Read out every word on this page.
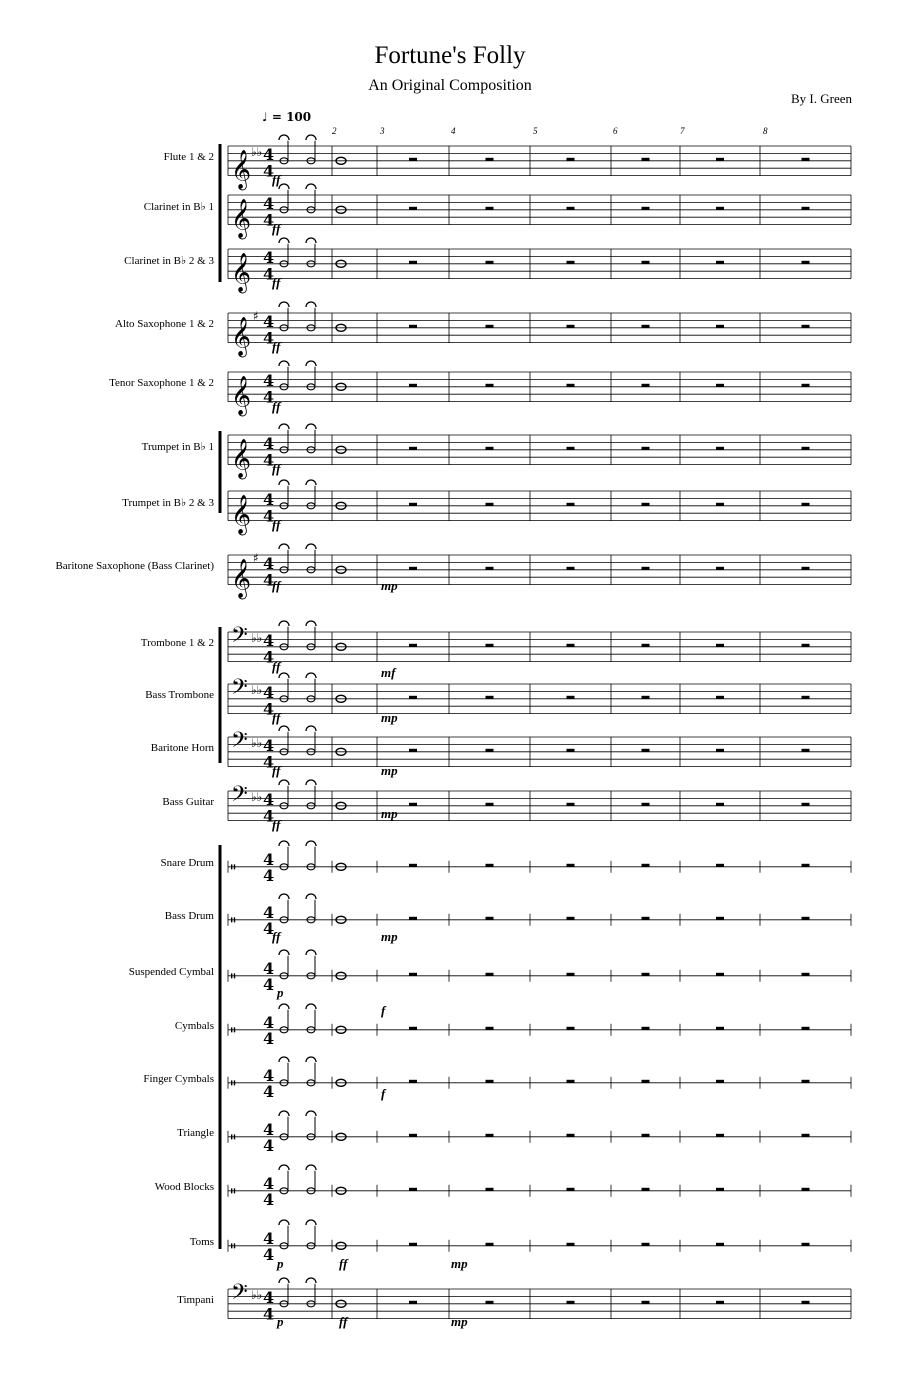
Fortune's Folly
An Original Composition
By I. Green
♩ = 100
Flute 1 & 2
Clarinet in B♭ 1
Clarinet in B♭ 2 & 3
Alto Saxophone 1 & 2
Tenor Saxophone 1 & 2
Trumpet in B♭ 1
Trumpet in B♭ 2 & 3
Baritone Saxophone (Bass Clarinet)
Trombone 1 & 2
Bass Trombone
Baritone Horn
Bass Guitar
Snare Drum
Bass Drum
Suspended Cymbal
Cymbals
Finger Cymbals
Triangle
Wood Blocks
Toms
Timpani
2	3	4	5	6	7	8
𝄞 ♭♭ 4
4
𝄞 4
4
𝄞 4
4
𝄞
♯ 4
4
𝄞 4
4
𝄞 4
4
𝄞 4
4
𝄞
♯ 4
4
𝄢 ♭♭ 4
4
𝄢 ♭♭ 4
4
𝄢 ♭♭ 4
4
𝄢 ♭♭ 4
4
𝄥 4
4
𝄥 4
4
𝄥 4
4
𝄥 4
4
𝄥 4
4
𝄥 4
4
𝄥 4
4
𝄥 4
4
𝄢 ♭♭ 4
4
ff
ff
ff
ff
ff
ff
ff
ff
ff
ff
ff
ff
ff
p
p
p
mp
mp
mp
mp
mp
mf
mp
mp
f
f
ff
ff
